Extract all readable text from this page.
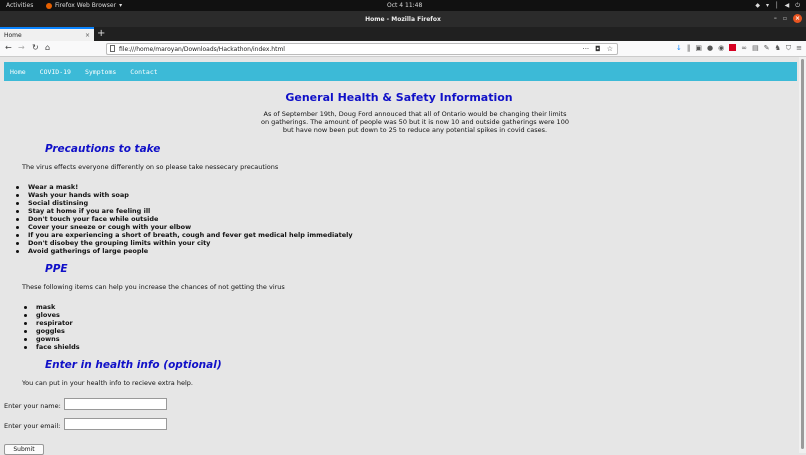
Activities	Firefox Web Browser ▾	Oct 4 11:48	◆ ▾ │ ◀ ⏻
Home - Mozilla Firefox	– ▫	×
Home	× +
← → ↻ ⌂	file:///home/maroyan/Downloads/Hackathon/index.html	··· ◘ ☆	↓ ‖ ▣ ● ◉ ∞ ▤ ✎ ♞ ⛉ ≡
Home COVID-19 Symptoms Contact
General Health & Safety Information
As of September 19th, Doug Ford annouced that all of Ontario would be changing their limits on gatherings. The amount of people was 50 but it is now 10 and outside gatherings were 100 but have now been put down to 25 to reduce any potential spikes in covid cases.
Precautions to take
The virus effects everyone differently on so please take nessecary precautions
Wear a mask!
Wash your hands with soap
Social distinsing
Stay at home if you are feeling ill
Don't touch your face while outside
Cover your sneeze or cough with your elbow
If you are experiencing a short of breath, cough and fever get medical help immediately
Don't disobey the grouping limits within your city
Avoid gatherings of large people
PPE
These following items can help you increase the chances of not getting the virus
mask
gloves
respirator
goggles
gowns
face shields
Enter in health info (optional)
You can put in your health info to recieve extra help.
Enter your name:
Enter your email:
Submit
